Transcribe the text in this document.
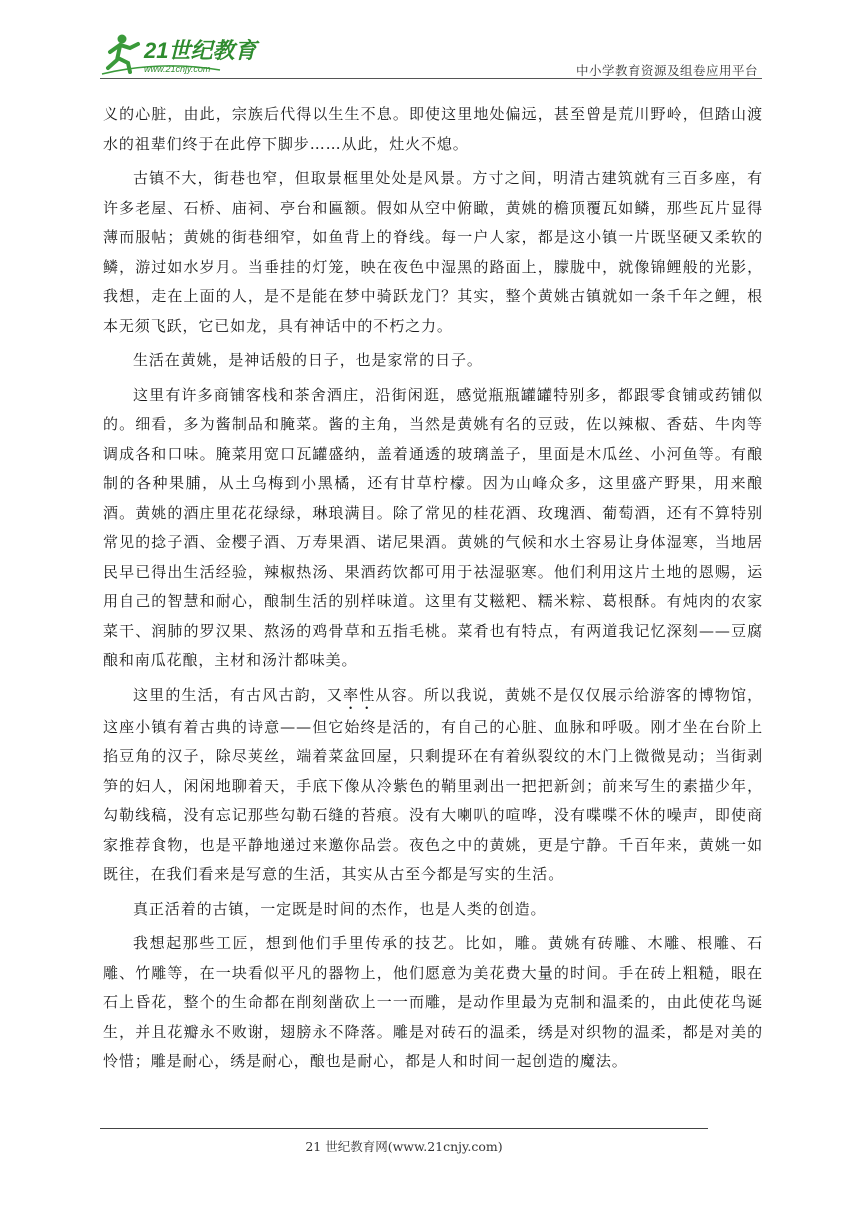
21世纪教育
www.21cnjy.com	中小学教育资源及组卷应用平台

义的心脏，由此，宗族后代得以生生不息。即使这里地处偏远，甚至曾是荒川野岭，但踏山渡水的祖辈们终于在此停下脚步……从此，灶火不熄。

古镇不大，街巷也窄，但取景框里处处是风景。方寸之间，明清古建筑就有三百多座，有许多老屋、石桥、庙祠、亭台和匾额。假如从空中俯瞰，黄姚的檐顶覆瓦如鳞，那些瓦片显得薄而服帖；黄姚的街巷细窄，如鱼背上的脊线。每一户人家，都是这小镇一片既坚硬又柔软的鳞，游过如水岁月。当垂挂的灯笼，映在夜色中湿黑的路面上，朦胧中，就像锦鲤般的光影，我想，走在上面的人，是不是能在梦中骑跃龙门？其实，整个黄姚古镇就如一条千年之鲤，根本无须飞跃，它已如龙，具有神话中的不朽之力。

生活在黄姚，是神话般的日子，也是家常的日子。

这里有许多商铺客栈和茶舍酒庄，沿街闲逛，感觉瓶瓶罐罐特别多，都跟零食铺或药铺似的。细看，多为酱制品和腌菜。酱的主角，当然是黄姚有名的豆豉，佐以辣椒、香菇、牛肉等调成各和口味。腌菜用宽口瓦罐盛纳，盖着通透的玻璃盖子，里面是木瓜丝、小河鱼等。有酿制的各种果脯，从土乌梅到小黑橘，还有甘草柠檬。因为山峰众多，这里盛产野果，用来酿酒。黄姚的酒庄里花花绿绿，琳琅满目。除了常见的桂花酒、玫瑰酒、葡萄酒，还有不算特别常见的捻子酒、金樱子酒、万寿果酒、诺尼果酒。黄姚的气候和水土容易让身体湿寒，当地居民早已得出生活经验，辣椒热汤、果酒药饮都可用于祛湿驱寒。他们利用这片土地的恩赐，运用自己的智慧和耐心，酿制生活的别样味道。这里有艾糍粑、糯米粽、葛根酥。有炖肉的农家菜干、润肺的罗汉果、熬汤的鸡骨草和五指毛桃。菜肴也有特点，有两道我记忆深刻——豆腐酿和南瓜花酿，主材和汤汁都味美。

这里的生活，有古风古韵，又率性从容。所以我说，黄姚不是仅仅展示给游客的博物馆，这座小镇有着古典的诗意——但它始终是活的，有自己的心脏、血脉和呼吸。刚才坐在台阶上掐豆角的汉子，除尽荚丝，端着菜盆回屋，只剩提环在有着纵裂纹的木门上微微晃动；当街剥笋的妇人，闲闲地聊着天，手底下像从冷紫色的鞘里剥出一把把新剑；前来写生的素描少年，勾勒线稿，没有忘记那些勾勒石缝的苔痕。没有大喇叭的喧哗，没有喋喋不休的噪声，即使商家推荐食物，也是平静地递过来邀你品尝。夜色之中的黄姚，更是宁静。千百年来，黄姚一如既往，在我们看来是写意的生活，其实从古至今都是写实的生活。

真正活着的古镇，一定既是时间的杰作，也是人类的创造。

我想起那些工匠，想到他们手里传承的技艺。比如，雕。黄姚有砖雕、木雕、根雕、石雕、竹雕等，在一块看似平凡的器物上，他们愿意为美花费大量的时间。手在砖上粗糙，眼在石上昏花，整个的生命都在削刻凿砍上一一而雕，是动作里最为克制和温柔的，由此使花鸟诞生，并且花瓣永不败谢，翅膀永不降落。雕是对砖石的温柔，绣是对织物的温柔，都是对美的怜惜；雕是耐心，绣是耐心，酿也是耐心，都是人和时间一起创造的魔法。

21 世纪教育网(www.21cnjy.com)
